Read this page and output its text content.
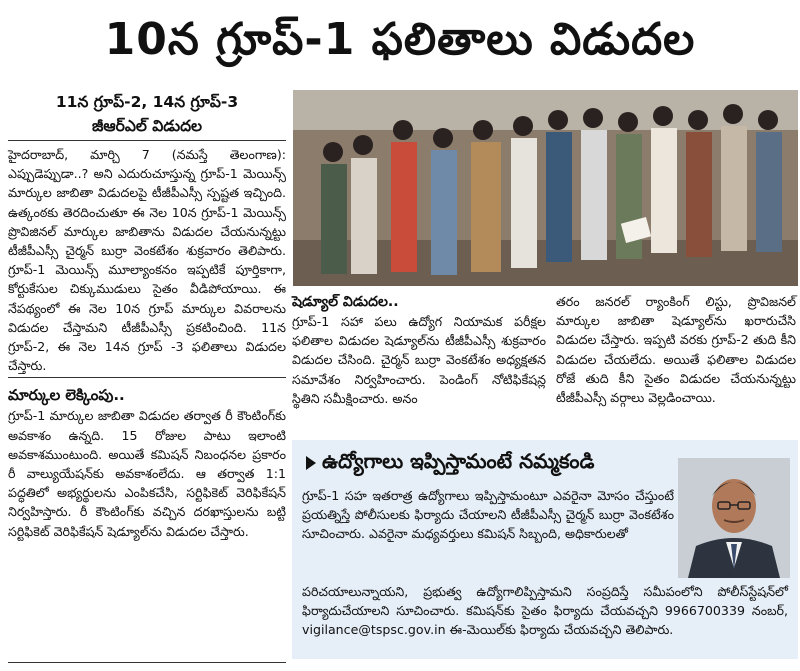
10న గ్రూప్-1 ఫలితాలు విడుదల
11న గ్రూప్-2, 14న గ్రూప్-3
జీఆర్ఎల్ విడుదల
హైదరాబాద్, మార్చి 7 (నమస్తే తెలంగాణ): ఎప్పుడెప్పుడా..? అని ఎదురుచూస్తున్న గ్రూప్-1 మెయిన్స్ మార్కుల జాబితా విడుదలపై టీజీపీఎస్సీ స్పష్టత ఇచ్చింది. ఉత్కంఠకు తెరదించుతూ ఈ నెల 10న గ్రూప్-1 మెయిన్స్ ప్రొవిజినల్ మార్కుల జాబితాను విడుదల చేయనున్నట్టు టీజీపీఎస్సీ చైర్మన్ బుర్రా వెంకటేశం శుక్రవారం తెలిపారు. గ్రూప్-1 మెయిన్స్ మూల్యాంకనం ఇప్పటికే పూర్తికాగా, కోర్టుకేసుల చిక్కుముడులు సైతం వీడిపోయాయి. ఈ నేపథ్యంలో ఈ నెల 10న గ్రూప్ మార్కుల వివరాలను విడుదల చేస్తామని టీజీపీఎస్సీ ప్రకటించింది. 11న గ్రూప్-2, ఈ నెల 14న గ్రూప్ -3 ఫలితాలు విడుదల చేస్తారు.
మార్కుల లెక్కింపు..
గ్రూప్-1 మార్కుల జాబితా విడుదల తర్వాత రీ కౌంటింగ్‌కు అవకాశం ఉన్నది. 15 రోజుల పాటు ఇలాంటి అవకాశముంటుంది. అయితే కమిషన్ నిబంధనల ప్రకారం రీ వాల్యుయేషన్‌కు అవకాశంలేదు. ఆ తర్వాత 1:1 పద్ధతిలో అభ్యర్థులను ఎంపికచేసి, సర్టిఫికెట్ వెరిఫికేషన్ నిర్వహిస్తారు. రీ కౌంటింగ్‌కు వచ్చిన దరఖాస్తులను బట్టి సర్టిఫికెట్ వెరిఫికేషన్ షెడ్యూల్‌ను విడుదల చేస్తారు.
షెడ్యూల్ విడుదల..
గ్రూప్-1 సహా పలు ఉద్యోగ నియామక పరీక్షల ఫలితాల విడుదల షెడ్యూల్‌ను టీజీపీఎస్సీ శుక్రవారం విడుదల చేసింది. చైర్మన్ బుర్రా వెంకటేశం అధ్యక్షతన సమావేశం నిర్వహించారు. పెండింగ్ నోటిఫికేషన్ల స్థితిని సమీక్షించారు. అనం
తరం జనరల్ ర్యాంకింగ్ లిస్టు, ప్రొవిజనల్ మార్కుల జాబితా షెడ్యూల్‌ను ఖరారుచేసి విడుదల చేస్తారు. ఇప్పటి వరకు గ్రూప్-2 తుది కీని విడుదల చేయలేదు. అయితే ఫలితాల విడుదల రోజే తుది కీని సైతం విడుదల చేయనున్నట్టు టీజీపీఎస్సీ వర్గాలు వెల్లడించాయి.
ఉద్యోగాలు ఇప్పిస్తామంటే నమ్మకండి
గ్రూప్-1 సహ ఇతరాత్ర ఉద్యోగాలు ఇప్పిస్తామంటూ ఎవరైనా మోసం చేస్తుంటే ప్రయత్నిస్తే పోలీసులకు ఫిర్యాదు చేయాలని టీజీపీఎస్సీ చైర్మన్ బుర్రా వెంకటేశం సూచించారు. ఎవరైనా మధ్యవర్తులు కమిషన్ సిబ్బంది, అధికారులతో
పరిచయాలున్నాయని, ప్రభుత్వ ఉద్యోగాలిప్పిస్తామని సంప్రదిస్తే సమీపంలోని పోలీస్‌స్టేషన్‌లో ఫిర్యాదుచేయాలని సూచించారు. కమిషన్‌కు సైతం ఫిర్యాదు చేయవచ్చని 9966700339 నంబర్, vigilance@tspsc.gov.in ఈ-మెయిల్‌కు ఫిర్యాదు చేయవచ్చని తెలిపారు.
